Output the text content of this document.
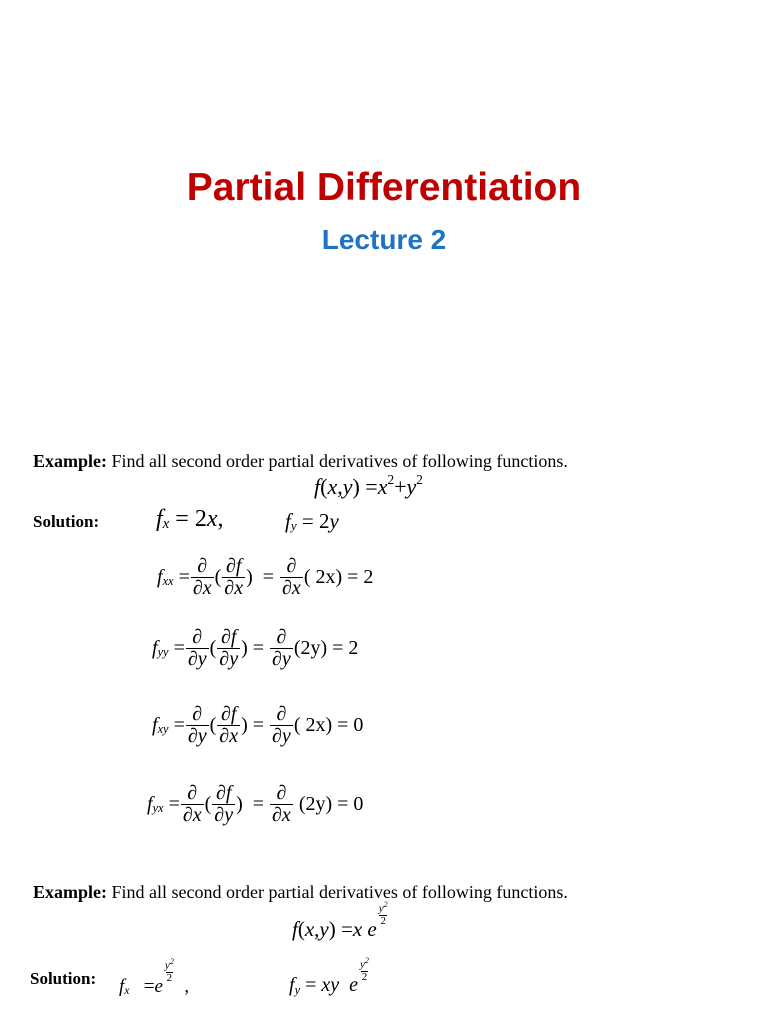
Partial Differentiation
Lecture 2
Example: Find all second order partial derivatives of following functions.
f ( x , y ) = x 2 + y 2
Solution: f x = 2 x ,	f y = 2 y
f xx = $\frac{\partial}{\partial x}$ ( $\frac{\partial f}{\partial x}$ )  = $\frac{\partial}{\partial x}$ ( 2x) = 2
f yy = $\frac{\partial}{\partial y}$ ( $\frac{\partial f}{\partial y}$ ) = $\frac{\partial}{\partial y} (2y) = 2$
f xy = $\frac{\partial}{\partial y}$ ( $\frac{\partial f}{\partial x}$ ) = $\frac{\partial}{\partial y}$ ( 2x) = 0
f yx = $\frac{\partial}{\partial x}$ ( $\frac{\partial f}{\partial y}$ )  = $\frac{\partial}{\partial x}$
(2y) = 0
Example: Find all second order partial derivatives of following functions.
f ( x , y ) = x
e
$\frac{y^2}{2}$
Solution: f x = e
$\frac{y^2}{2}$
,	f y = xy
e
$\frac{y^2}{2}$
